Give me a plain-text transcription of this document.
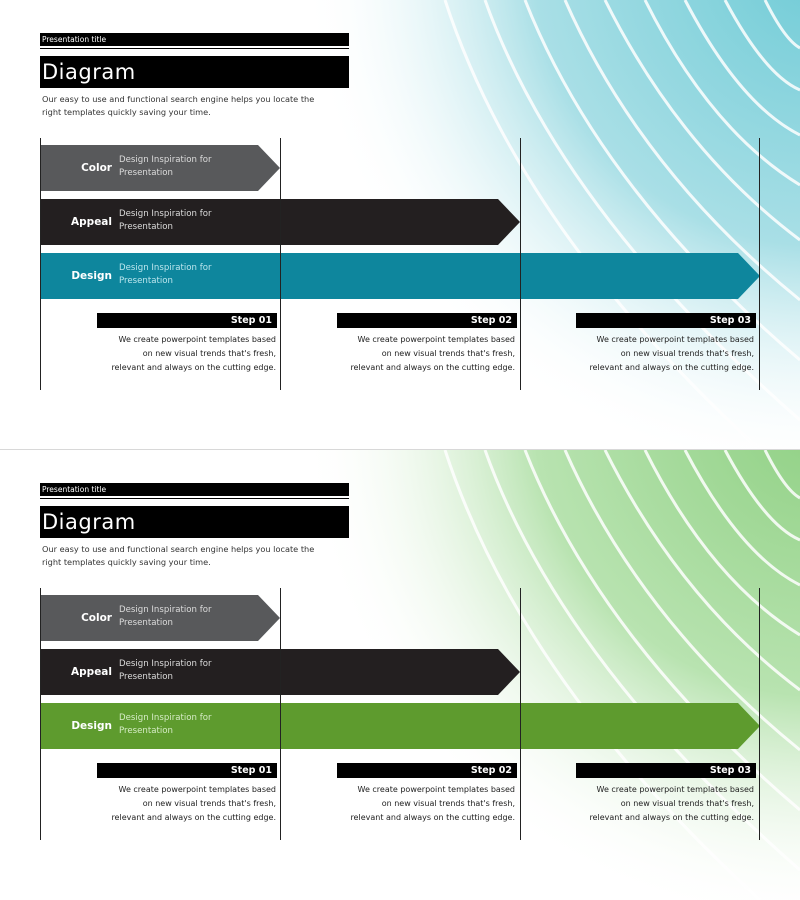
Presentation title
Diagram
Our easy to use and functional search engine helps you locate the
right templates quickly saving your time.
Color
Design Inspiration for
Presentation
Appeal
Design Inspiration for
Presentation
Design
Design Inspiration for
Presentation
Step 01
We create powerpoint templates based
on new visual trends that's fresh,
relevant and always on the cutting edge.
Step 02
We create powerpoint templates based
on new visual trends that's fresh,
relevant and always on the cutting edge.
Step 03
We create powerpoint templates based
on new visual trends that's fresh,
relevant and always on the cutting edge.
Presentation title
Diagram
Our easy to use and functional search engine helps you locate the
right templates quickly saving your time.
Color
Design Inspiration for
Presentation
Appeal
Design Inspiration for
Presentation
Design
Design Inspiration for
Presentation
Step 01
We create powerpoint templates based
on new visual trends that's fresh,
relevant and always on the cutting edge.
Step 02
We create powerpoint templates based
on new visual trends that's fresh,
relevant and always on the cutting edge.
Step 03
We create powerpoint templates based
on new visual trends that's fresh,
relevant and always on the cutting edge.
